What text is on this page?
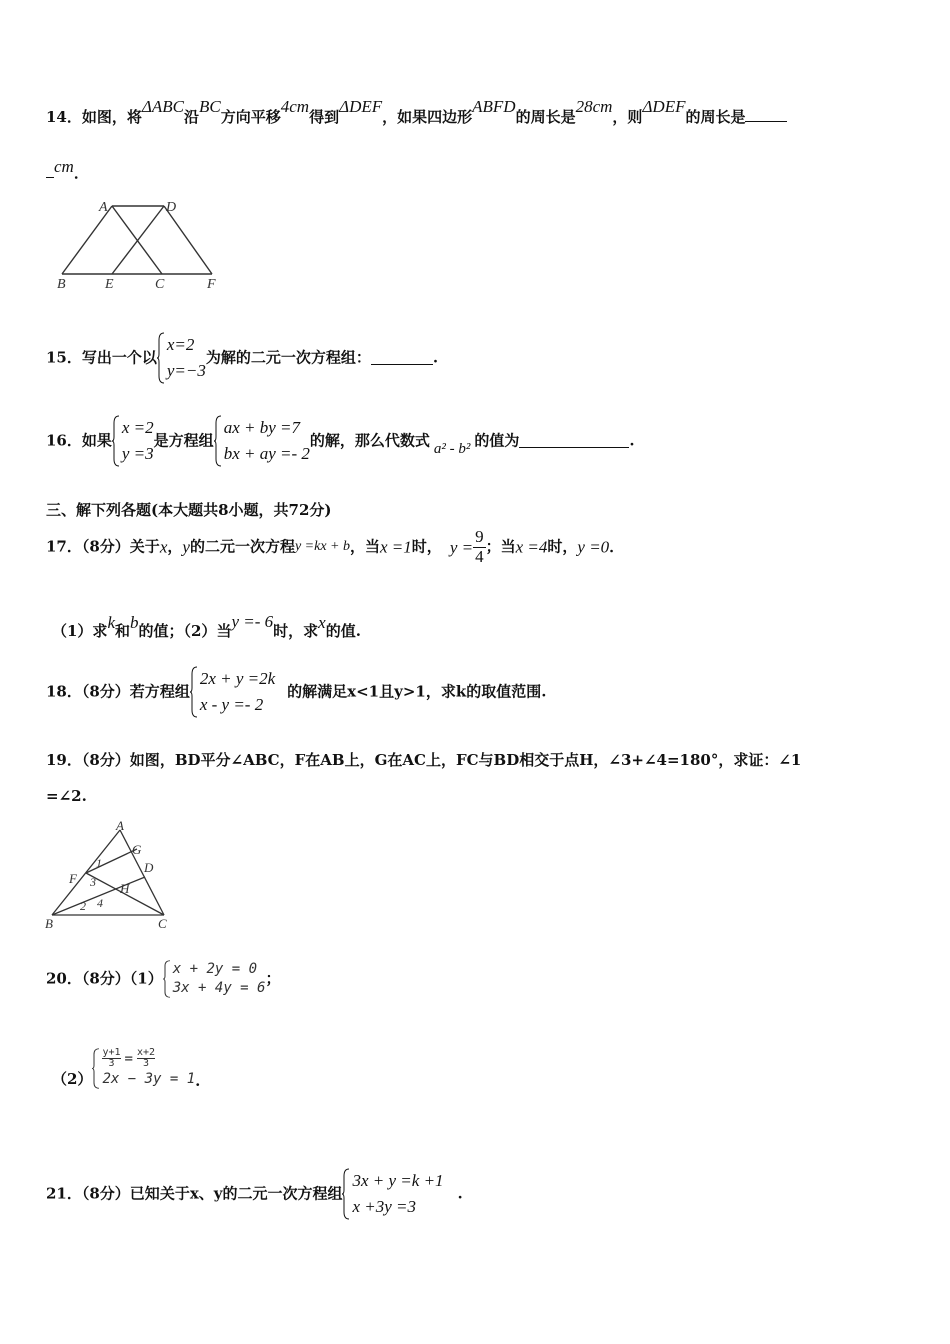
14．如图，将ΔABC沿BC方向平移4cm得到ΔDEF，如果四边形ABFD的周长是28cm，则ΔDEF的周长是
cm．
A	D
B	E	C	F
15．写出一个以
x=2
y=−3
为解的二元一次方程组：	.
16．如果
x =2
y =3
是方程组
ax + by =7
bx + ay =- 2
的解，那么代数式 a² - b² 的值为	.
三、解下列各题(本大题共8小题，共72分)
17．（8分）关于x，y的二元一次方程y =kx + b，当x =1时， $y = \frac{9}{4}$ ；当x =4时，y =0．
（1）求k和b的值；（2）当y =- 6时，求x的值.
18．（8分）若方程组
2x + y =2k
x - y =- 2
的解满足x<1且y>1，求k的取值范围.
19．（8分）如图，BD平分∠ABC，F在AB上，G在AC上，FC与BD相交于点H，∠3+∠4=180°，求证：∠1
=∠2.
A
G
D
F
H
B	C
1
2
3
4
20．（8分）（1）
x + 2y = 0
3x + 4y = 6
；
（2）
$\frac{y+1}{3} = \frac{x+2}{3}$
2x − 3y = 1 .
21．（8分）已知关于x、y的二元一次方程组
3x + y =k +1
x +3y =3
.
